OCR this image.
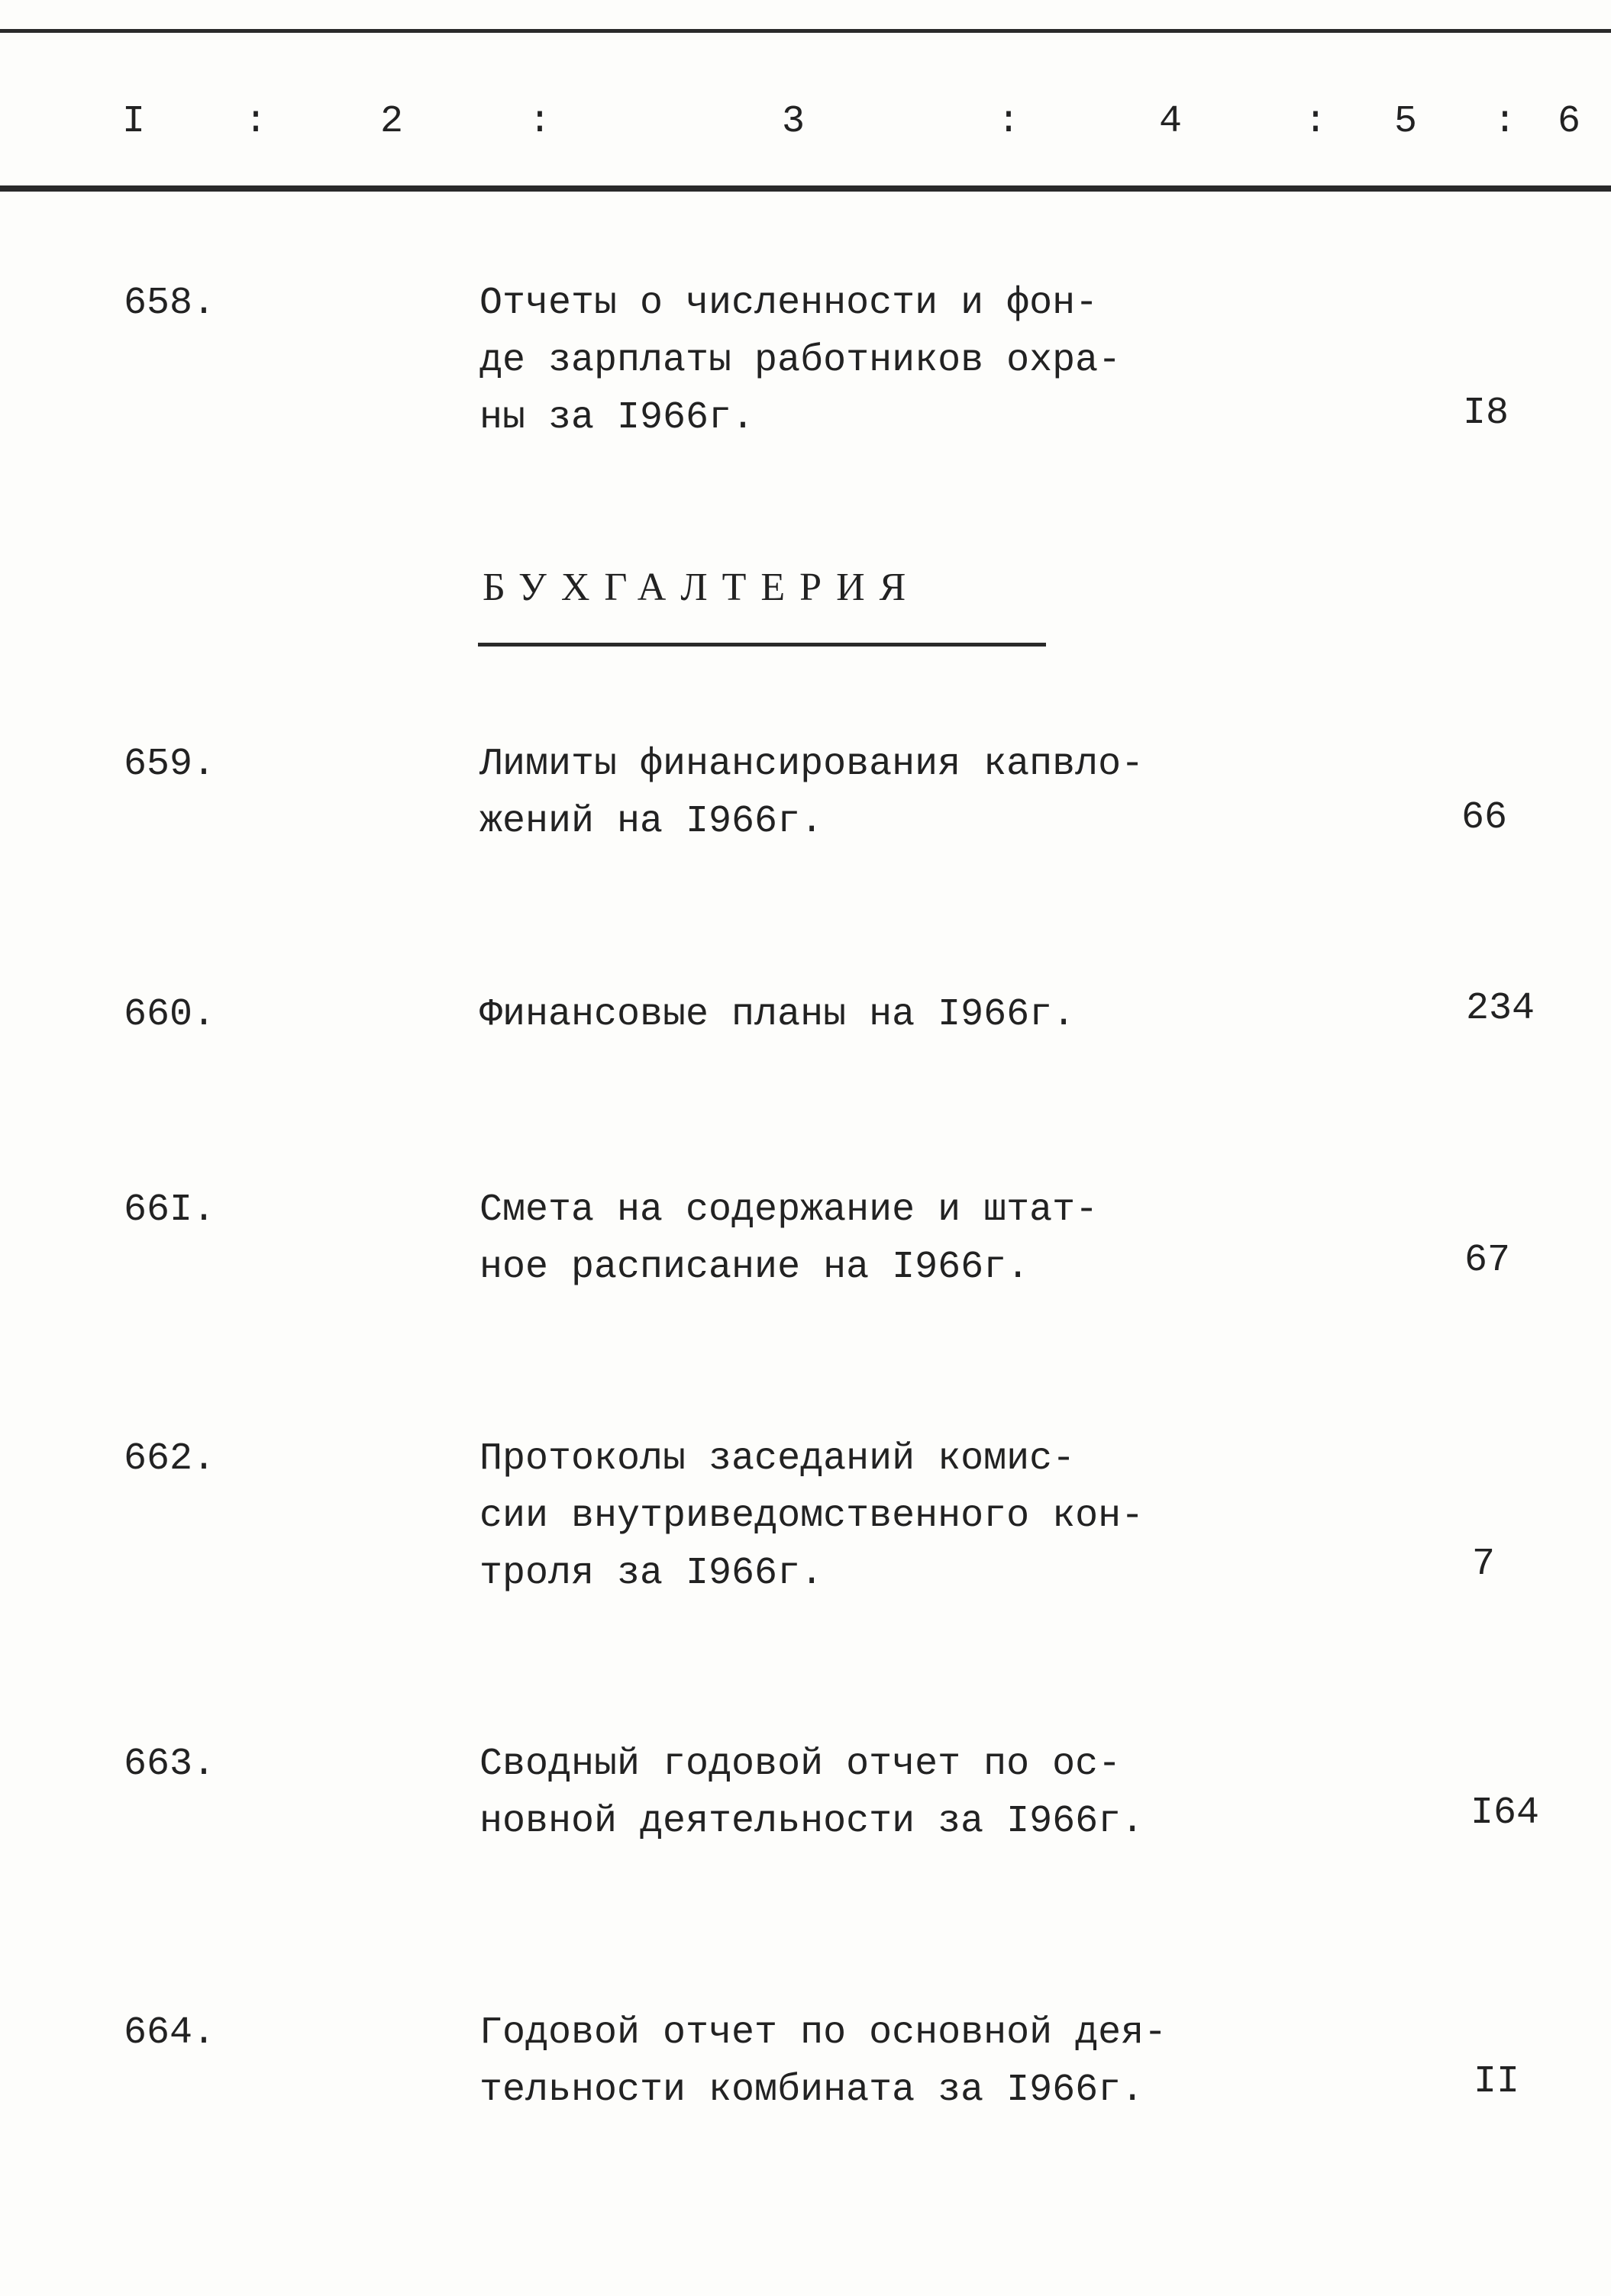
I	:	2	:	3	:	4	: 5 : 6
658.	Отчеты о численности и фон-
де зарплаты работников охра-
ны за I966г.	I8
БУХГАЛТЕРИЯ
659.	Лимиты финансирования капвло-
жений на I966г.	66
660.	Финансовые планы на I966г.	234
66I.	Смета на содержание и штат-
ное расписание на I966г.	67
662.	Протоколы заседаний комис-
сии внутриведомственного кон-
троля за I966г.	7
663.	Сводный годовой отчет по ос-
новной деятельности за I966г.	I64
664.	Годовой отчет по основной дея-
тельности комбината за I966г.	II
